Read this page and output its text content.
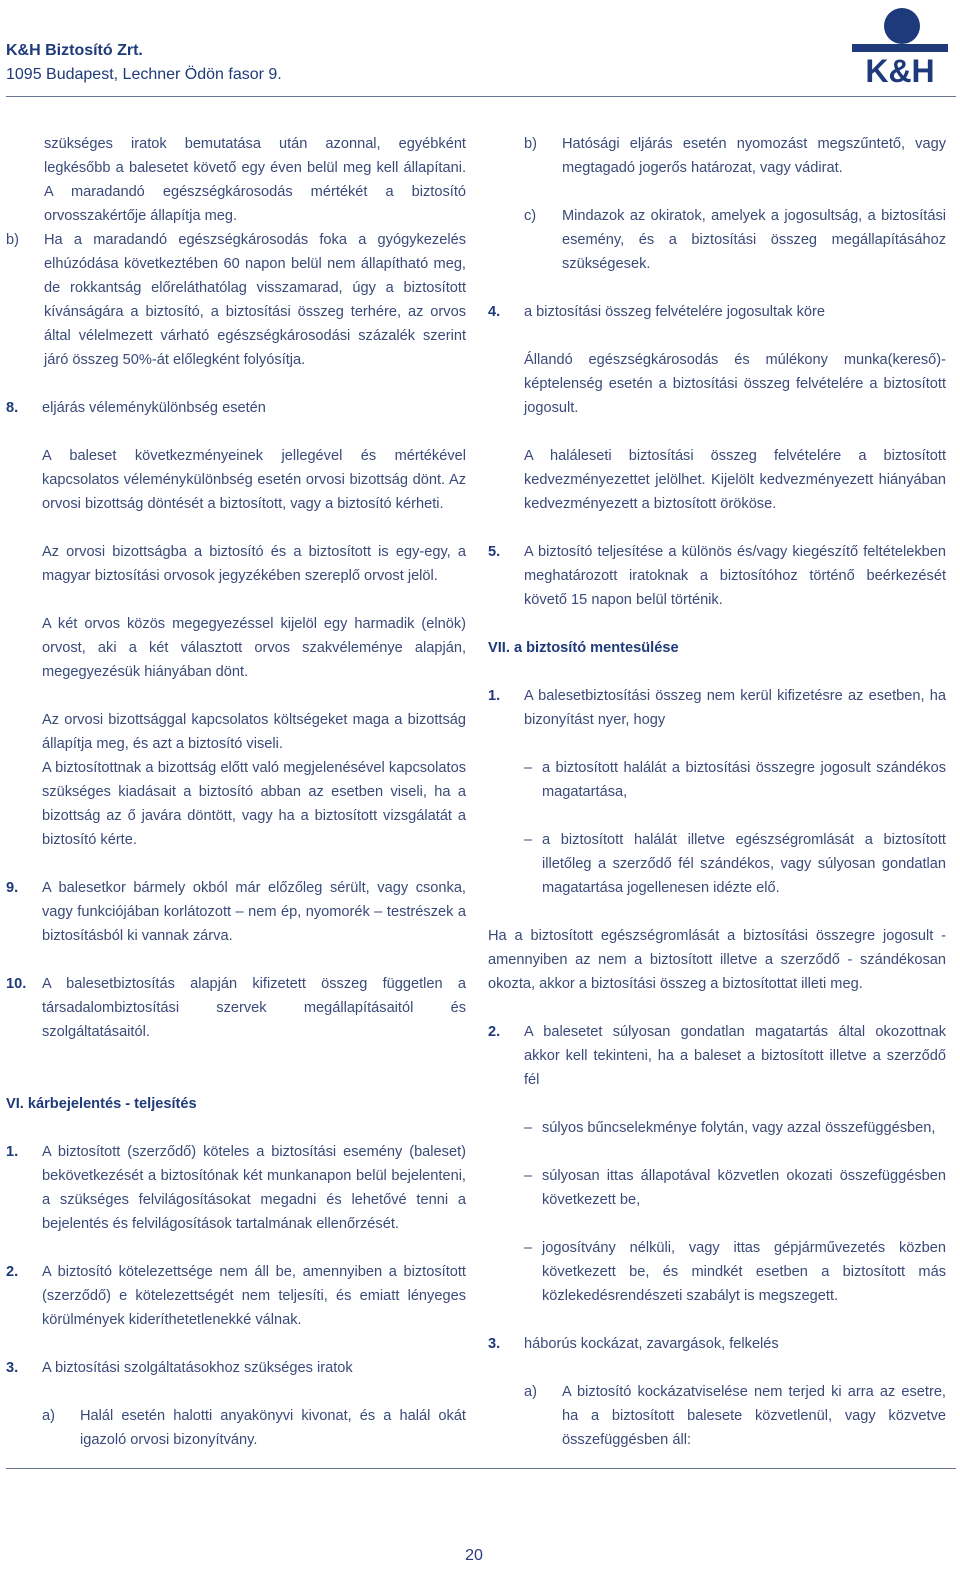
K&H Biztosító Zrt.
1095 Budapest, Lechner Ödön fasor 9.	K&H
szükséges iratok bemutatása után azonnal, egyébként legkésőbb a balesetet követő egy éven belül meg kell állapítani. A maradandó egészségkárosodás mértékét a biztosító orvosszakértője állapítja meg.
b)	Ha a maradandó egészségkárosodás foka a gyógykezelés elhúzódása következtében 60 napon belül nem állapítható meg, de rokkantság előreláthatólag visszamarad, úgy a biztosított kívánságára a biztosító, a biztosítási összeg terhére, az orvos által vélelmezett várható egészségkárosodási százalék szerint járó összeg 50%-át előlegként folyósítja.
8.	eljárás véleménykülönbség esetén

A baleset következményeinek jellegével és mértékével kapcsolatos véleménykülönbség esetén orvosi bizottság dönt. Az orvosi bizottság döntését a biztosított, vagy a biztosító kérheti.

Az orvosi bizottságba a biztosító és a biztosított is egy-egy, a magyar biztosítási orvosok jegyzékében szereplő orvost jelöl.

A két orvos közös megegyezéssel kijelöl egy harmadik (elnök) orvost, aki a két választott orvos szakvéleménye alapján, megegyezésük hiányában dönt.

Az orvosi bizottsággal kapcsolatos költségeket maga a bizottság állapítja meg, és azt a biztosító viseli.

A biztosítottnak a bizottság előtt való megjelenésével kapcsolatos szükséges kiadásait a biztosító abban az esetben viseli, ha a bizottság az ő javára döntött, vagy ha a biztosított vizsgálatát a biztosító kérte.

9.	A balesetkor bármely okból már előzőleg sérült, vagy csonka, vagy funkciójában korlátozott – nem ép, nyomorék – testrészek a biztosításból ki vannak zárva.
10.	A balesetbiztosítás alapján kifizetett összeg független a társadalombiztosítási szervek megállapításaitól és szolgáltatásaitól.
VI. kárbejelentés - teljesítés
1.	A biztosított (szerződő) köteles a biztosítási esemény (baleset) bekövetkezését a biztosítónak két munkanapon belül bejelenteni, a szükséges felvilágosításokat megadni és lehetővé tenni a bejelentés és felvilágosítások tartalmának ellenőrzését.
2.	A biztosító kötelezettsége nem áll be, amennyiben a biztosított (szerződő) e kötelezettségét nem teljesíti, és emiatt lényeges körülmények kideríthetetlenekké válnak.
3.	A biztosítási szolgáltatásokhoz szükséges iratok
a)	Halál esetén halotti anyakönyvi kivonat, és a halál okát igazoló orvosi bizonyítvány.
b)	Hatósági eljárás esetén nyomozást megszűntető, vagy megtagadó jogerős határozat, vagy vádirat.
c)	Mindazok az okiratok, amelyek a jogosultság, a biztosítási esemény, és a biztosítási összeg megállapításához szükségesek.
4.	a biztosítási összeg felvételére jogosultak köre

Állandó egészségkárosodás és múlékony munka(kereső)-képtelenség esetén a biztosítási összeg felvételére a biztosított jogosult.

A haláleseti biztosítási összeg felvételére a biztosított kedvezményezettet jelölhet. Kijelölt kedvezményezett hiányában kedvezményezett a biztosított örököse.

5.	A biztosító teljesítése a különös és/vagy kiegészítő feltételekben meghatározott iratoknak a biztosítóhoz történő beérkezését követő 15 napon belül történik.
VII. a biztosító mentesülése
1.	A balesetbiztosítási összeg nem kerül kifizetésre az esetben, ha bizonyítást nyer, hogy
– a biztosított halálát a biztosítási összegre jogosult szándékos magatartása,
– a biztosított halálát illetve egészségromlását a biztosított illetőleg a szerződő fél szándékos, vagy súlyosan gondatlan magatartása jogellenesen idézte elő.

Ha a biztosított egészségromlását a biztosítási összegre jogosult - amennyiben az nem a biztosított illetve a szerződő - szándékosan okozta, akkor a biztosítási összeg a biztosítottat illeti meg.

2.	A balesetet súlyosan gondatlan magatartás által okozottnak akkor kell tekinteni, ha a baleset a biztosított illetve a szerződő fél
– súlyos bűncselekménye folytán, vagy azzal összefüggésben,
– súlyosan ittas állapotával közvetlen okozati összefüggésben következett be,
– jogosítvány nélküli, vagy ittas gépjárművezetés közben következett be, és mindkét esetben a biztosított más közlekedésrendészeti szabályt is megszegett.
3.	háborús kockázat, zavargások, felkelés
a)	A biztosító kockázatviselése nem terjed ki arra az esetre, ha a biztosított balesete közvetlenül, vagy közvetve összefüggésben áll:
20
